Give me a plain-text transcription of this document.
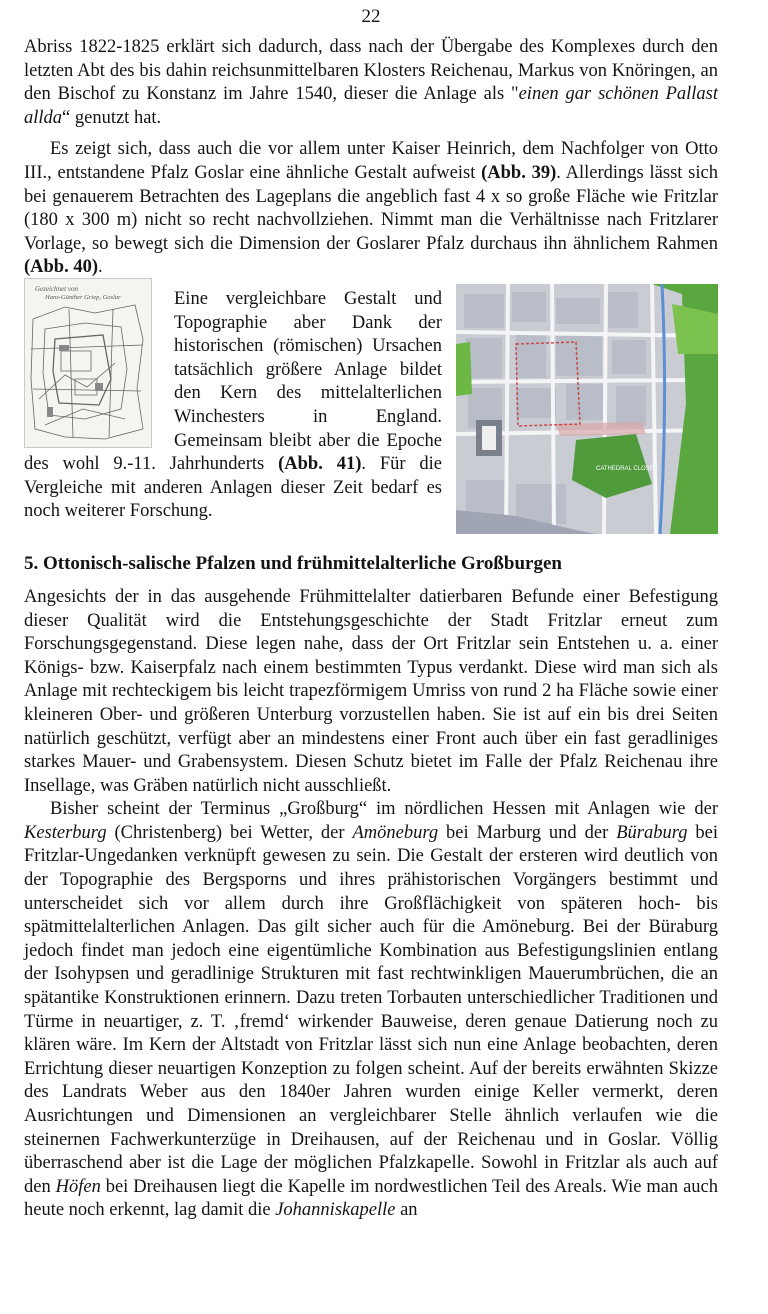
22

Abriss 1822-1825 erklärt sich dadurch, dass nach der Übergabe des Komplexes durch den letzten Abt des bis dahin reichsunmittelbaren Klosters Reichenau, Markus von Knöringen, an den Bischof zu Konstanz im Jahre 1540, dieser die Anlage als "einen gar schönen Pallast allda“ genutzt hat.

Es zeigt sich, dass auch die vor allem unter Kaiser Heinrich, dem Nachfolger von Otto III., entstandene Pfalz Goslar eine ähnliche Gestalt aufweist (Abb. 39). Allerdings lässt sich bei genauerem Betrachten des Lageplans die angeblich fast 4 x so große Fläche wie Fritzlar (180 x 300 m) nicht so recht nachvollziehen. Nimmt man die Verhältnisse nach Fritzlarer Vorlage, so bewegt sich die Dimension der Goslarer Pfalz durchaus ihn ähnlichem Rahmen (Abb. 40).

Gezeichnet von
Hans-Günther Griep, Goslar
CATHEDRAL CLOSE

Eine vergleichbare Gestalt und Topographie aber Dank der historischen (römischen) Ursachen tatsächlich größere Anlage bildet den Kern des mittelalterlichen Winchesters in England. Gemeinsam bleibt aber die Epoche des wohl 9.-11. Jahrhunderts (Abb. 41). Für die Vergleiche mit anderen Anlagen dieser Zeit bedarf es noch weiterer Forschung.

5. Ottonisch-salische Pfalzen und frühmittelalterliche Großburgen

Angesichts der in das ausgehende Frühmittelalter datierbaren Befunde einer Befestigung dieser Qualität wird die Entstehungsgeschichte der Stadt Fritzlar erneut zum Forschungsgegenstand. Diese legen nahe, dass der Ort Fritzlar sein Entstehen u. a. einer Königs- bzw. Kaiserpfalz nach einem bestimmten Typus verdankt. Diese wird man sich als Anlage mit rechteckigem bis leicht trapezförmigem Umriss von rund 2 ha Fläche sowie einer kleineren Ober- und größeren Unterburg vorzustellen haben. Sie ist auf ein bis drei Seiten natürlich geschützt, verfügt aber an mindestens einer Front auch über ein fast geradliniges starkes Mauer- und Grabensystem. Diesen Schutz bietet im Falle der Pfalz Reichenau ihre Insellage, was Gräben natürlich nicht ausschließt.

Bisher scheint der Terminus „Großburg“ im nördlichen Hessen mit Anlagen wie der Kesterburg (Christenberg) bei Wetter, der Amöneburg bei Marburg und der Büraburg bei Fritzlar-Ungedanken verknüpft gewesen zu sein. Die Gestalt der ersteren wird deutlich von der Topographie des Bergsporns und ihres prähistorischen Vorgängers bestimmt und unterscheidet sich vor allem durch ihre Großflächigkeit von späteren hoch- bis spätmittelalterlichen Anlagen. Das gilt sicher auch für die Amöneburg. Bei der Büraburg jedoch findet man jedoch eine eigentümliche Kombination aus Befestigungslinien entlang der Isohypsen und geradlinige Strukturen mit fast rechtwinkligen Mauerumbrüchen, die an spätantike Konstruktionen erinnern. Dazu treten Torbauten unterschiedlicher Traditionen und Türme in neuartiger, z. T. ‚fremd‘ wirkender Bauweise, deren genaue Datierung noch zu klären wäre. Im Kern der Altstadt von Fritzlar lässt sich nun eine Anlage beobachten, deren Errichtung dieser neuartigen Konzeption zu folgen scheint. Auf der bereits erwähnten Skizze des Landrats Weber aus den 1840er Jahren wurden einige Keller vermerkt, deren Ausrichtungen und Dimensionen an vergleichbarer Stelle ähnlich verlaufen wie die steinernen Fachwerkunterzüge in Dreihausen, auf der Reichenau und in Goslar. Völlig überraschend aber ist die Lage der möglichen Pfalzkapelle. Sowohl in Fritzlar als auch auf den Höfen bei Dreihausen liegt die Kapelle im nordwestlichen Teil des Areals. Wie man auch heute noch erkennt, lag damit die Johanniskapelle an
